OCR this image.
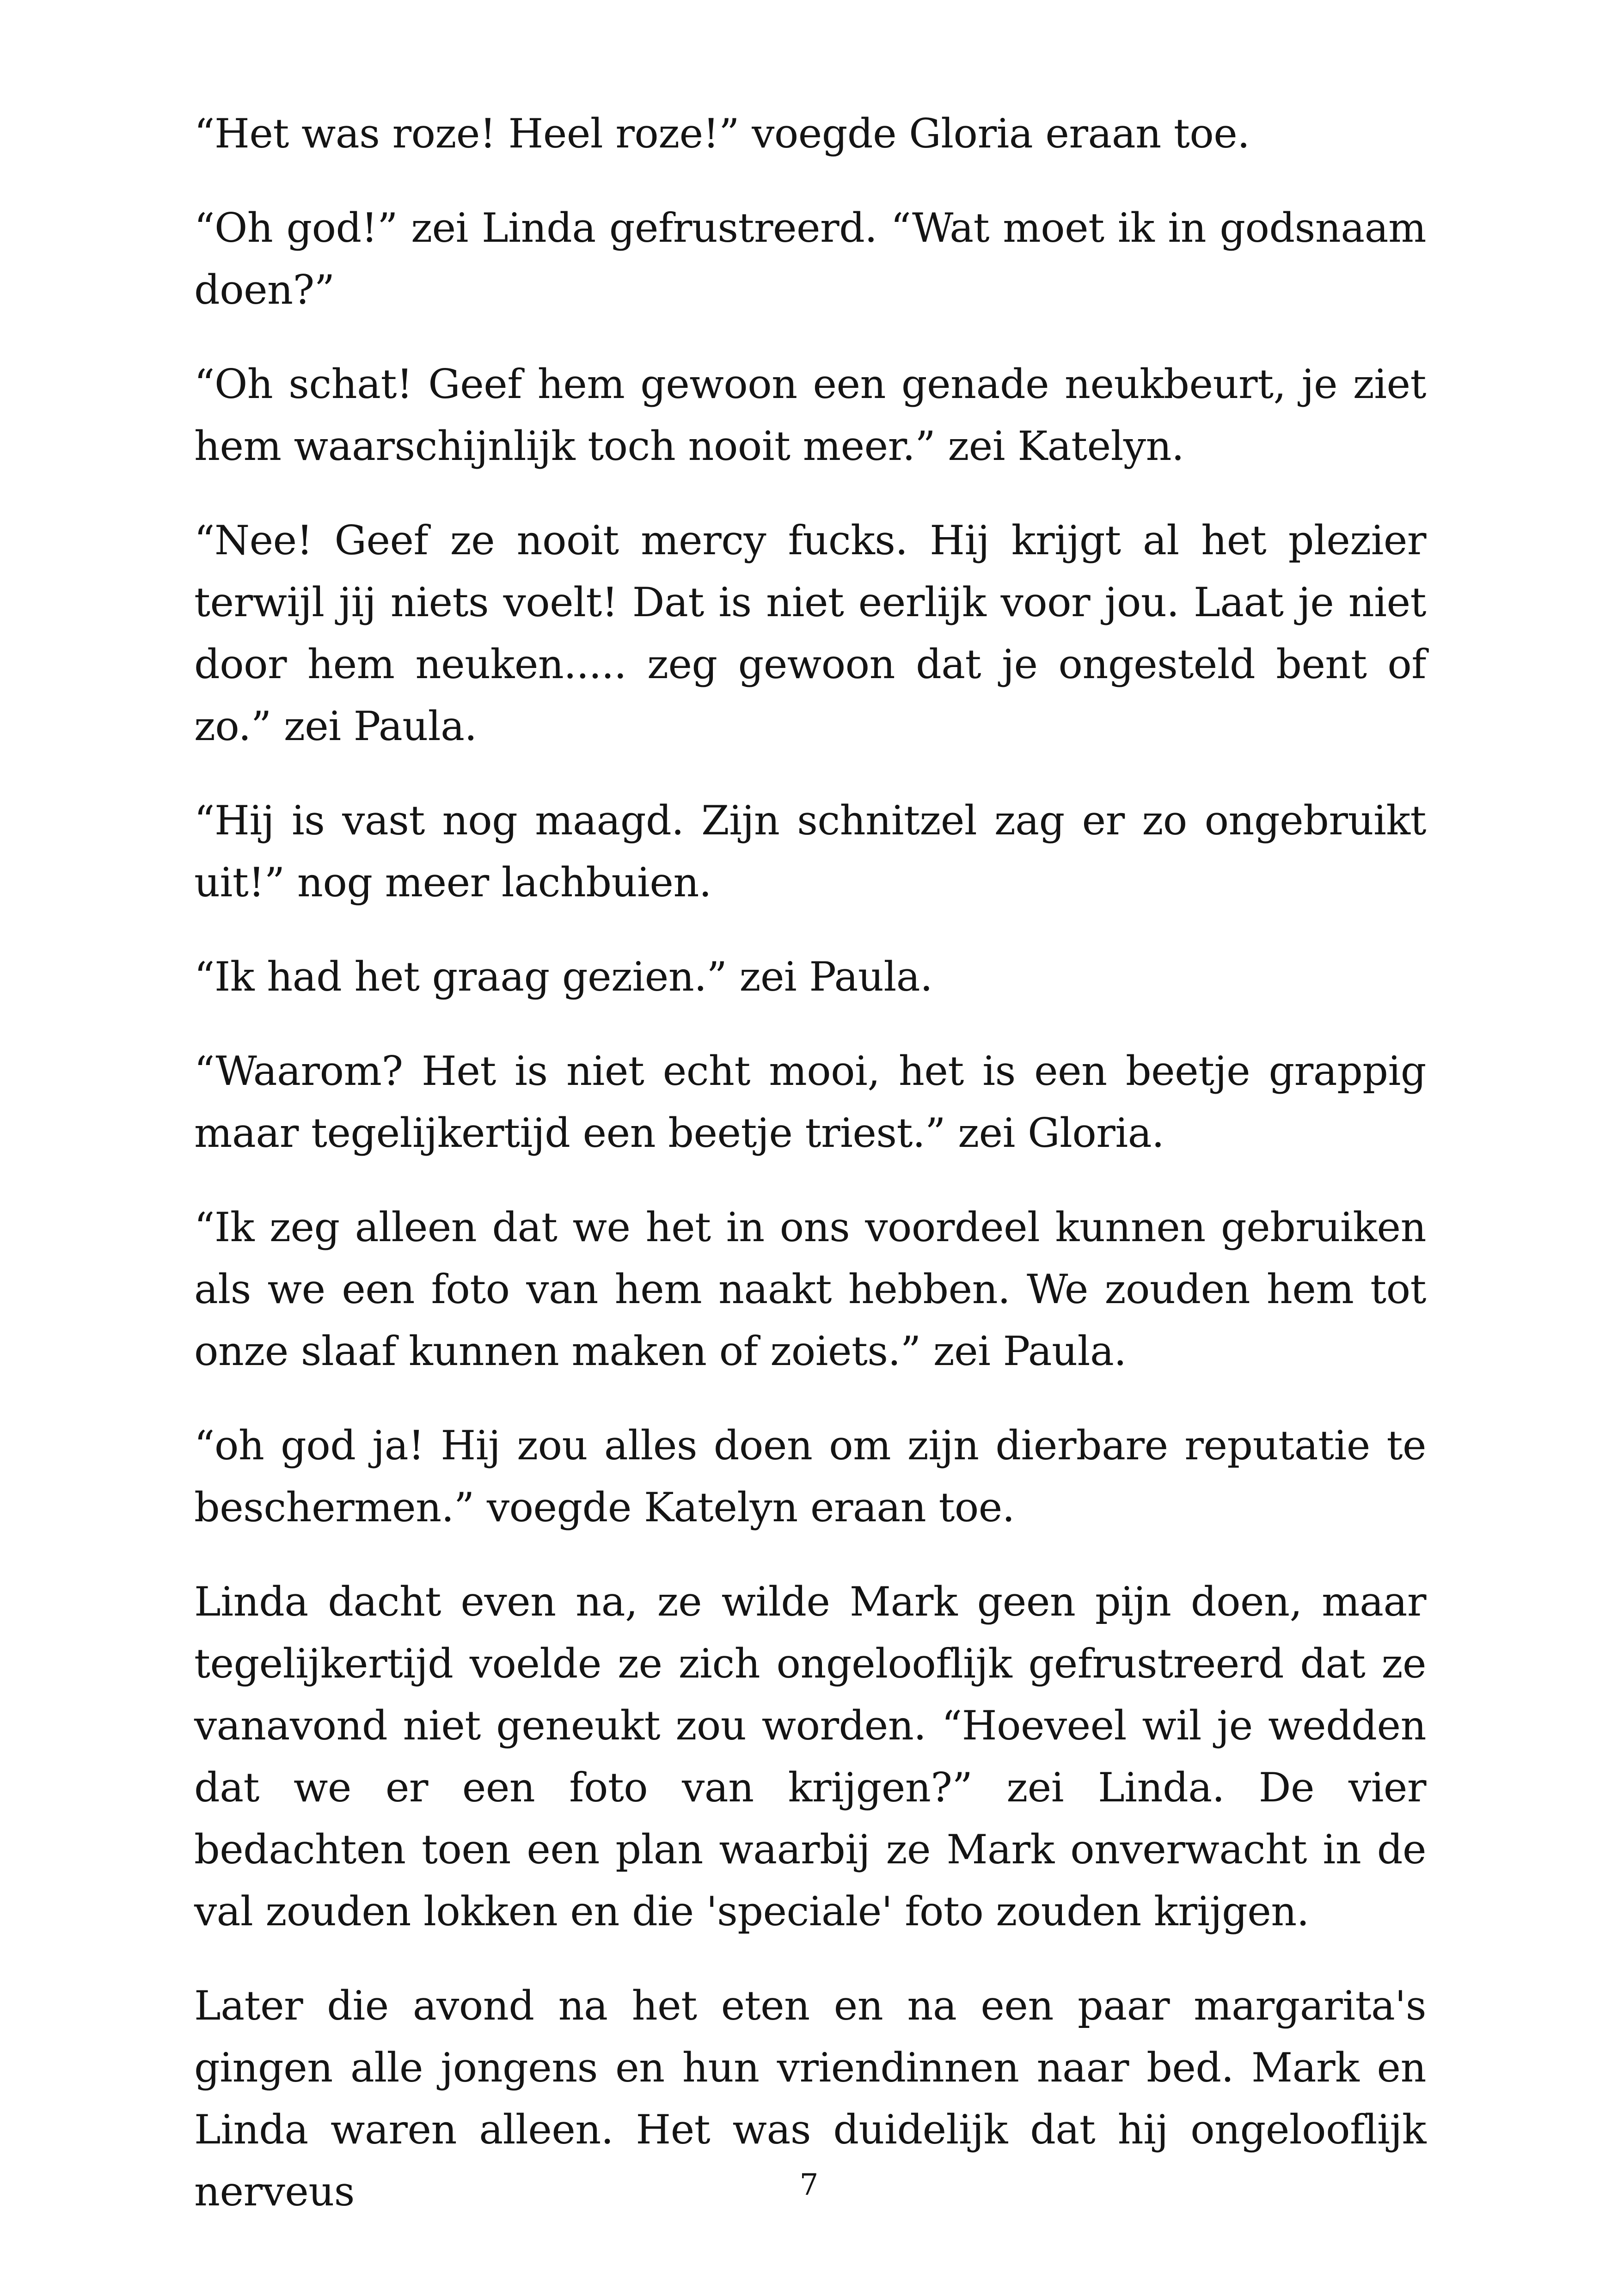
“Het was roze! Heel roze!” voegde Gloria eraan toe.

“Oh god!” zei Linda gefrustreerd. “Wat moet ik in godsnaam doen?”

“Oh schat! Geef hem gewoon een genade neukbeurt, je ziet hem waarschijnlijk toch nooit meer.” zei Katelyn.

“Nee! Geef ze nooit mercy fucks. Hij krijgt al het plezier terwijl jij niets voelt! Dat is niet eerlijk voor jou. Laat je niet door hem neuken..... zeg gewoon dat je ongesteld bent of zo.” zei Paula.

“Hij is vast nog maagd. Zijn schnitzel zag er zo ongebruikt uit!” nog meer lachbuien.

“Ik had het graag gezien.” zei Paula.

“Waarom? Het is niet echt mooi, het is een beetje grappig maar tegelijkertijd een beetje triest.” zei Gloria.

“Ik zeg alleen dat we het in ons voordeel kunnen gebruiken als we een foto van hem naakt hebben. We zouden hem tot onze slaaf kunnen maken of zoiets.” zei Paula.

“oh god ja! Hij zou alles doen om zijn dierbare reputatie te beschermen.” voegde Katelyn eraan toe.

Linda dacht even na, ze wilde Mark geen pijn doen, maar tegelijkertijd voelde ze zich ongelooflijk gefrustreerd dat ze vanavond niet geneukt zou worden. “Hoeveel wil je wedden dat we er een foto van krijgen?” zei Linda. De vier bedachten toen een plan waarbij ze Mark onverwacht in de val zouden lokken en die 'speciale' foto zouden krijgen.

Later die avond na het eten en na een paar margarita's gingen alle jongens en hun vriendinnen naar bed. Mark en Linda waren alleen. Het was duidelijk dat hij ongelooflijk nerveus	7
